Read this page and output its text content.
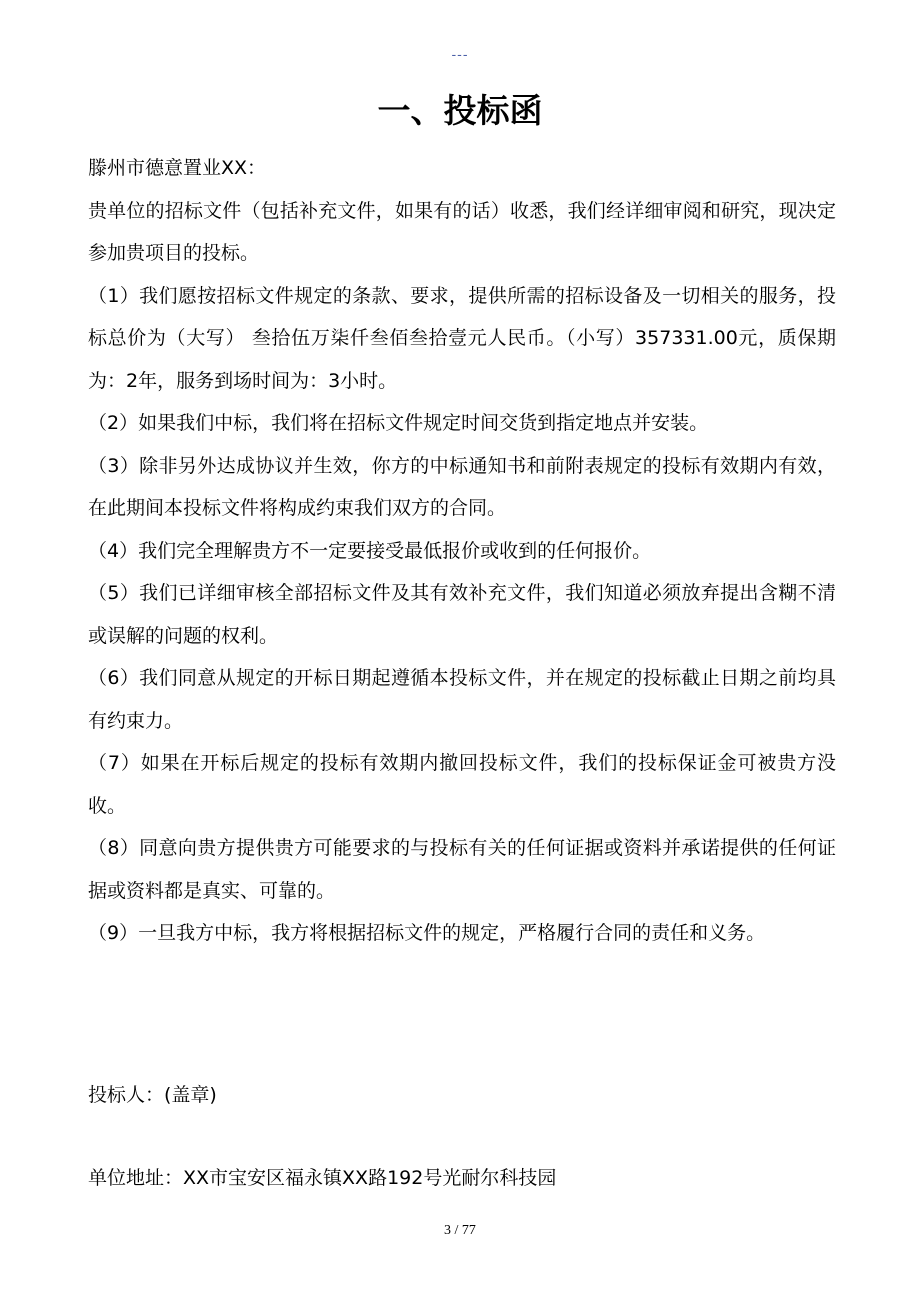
---
一、投标函

滕州市德意置业XX：

贵单位的招标文件（包括补充文件，如果有的话）收悉，我们经详细审阅和研究，现决定参加贵项目的投标。

（1）我们愿按招标文件规定的条款、要求，提供所需的招标设备及一切相关的服务，投标总价为（大写） 叁拾伍万柒仟叁佰叁拾壹元人民币。（小写）357331.00元，质保期为：2年，服务到场时间为：3小时。

（2）如果我们中标，我们将在招标文件规定时间交货到指定地点并安装。

（3）除非另外达成协议并生效，你方的中标通知书和前附表规定的投标有效期内有效，在此期间本投标文件将构成约束我们双方的合同。

（4）我们完全理解贵方不一定要接受最低报价或收到的任何报价。

（5）我们已详细审核全部招标文件及其有效补充文件，我们知道必须放弃提出含糊不清或误解的问题的权利。

（6）我们同意从规定的开标日期起遵循本投标文件，并在规定的投标截止日期之前均具有约束力。

（7）如果在开标后规定的投标有效期内撤回投标文件，我们的投标保证金可被贵方没收。

（8）同意向贵方提供贵方可能要求的与投标有关的任何证据或资料并承诺提供的任何证据或资料都是真实、可靠的。

（9）一旦我方中标，我方将根据招标文件的规定，严格履行合同的责任和义务。

投标人：(盖章)
单位地址：XX市宝安区福永镇XX路192号光耐尔科技园
3 / 77
